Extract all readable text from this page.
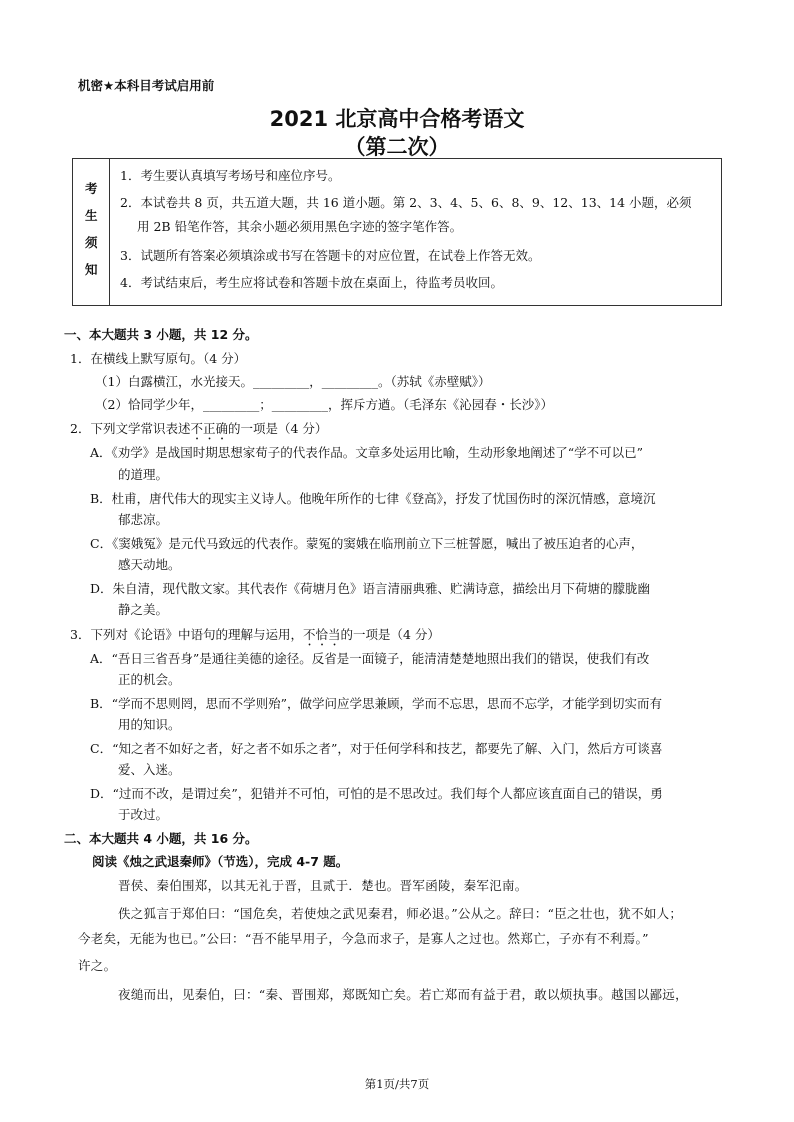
机密★本科目考试启用前
2021 北京高中合格考语文
（第二次）
考
生
须
知
1．考生要认真填写考场号和座位序号。
2．本试卷共 8 页，共五道大题，共 16 道小题。第 2、3、4、5、6、8、9、12、13、14 小题，必须
用 2B 铅笔作答，其余小题必须用黑色字迹的签字笔作答。
3．试题所有答案必须填涂或书写在答题卡的对应位置，在试卷上作答无效。
4．考试结束后，考生应将试卷和答题卡放在桌面上，待监考员收回。
一、本大题共 3 小题，共 12 分。
1．在横线上默写原句。（4 分）
（1）白露横江，水光接天。_________，_________。（苏轼《赤壁赋》）
（2）恰同学少年，_________；_________，挥斥方遒。（毛泽东《沁园春・长沙》）
2．下列文学常识表述不正确的一项是（4 分）
A．《劝学》是战国时期思想家荀子的代表作品。文章多处运用比喻，生动形象地阐述了“学不可以已”
的道理。
B．杜甫，唐代伟大的现实主义诗人。他晚年所作的七律《登高》，抒发了忧国伤时的深沉情感，意境沉
郁悲凉。
C．《窦娥冤》是元代马致远的代表作。蒙冤的窦娥在临刑前立下三桩誓愿，喊出了被压迫者的心声，
感天动地。
D．朱自清，现代散文家。其代表作《荷塘月色》语言清丽典雅、贮满诗意，描绘出月下荷塘的朦胧幽
静之美。
3．下列对《论语》中语句的理解与运用，不恰当的一项是（4 分）
A．“吾日三省吾身”是通往美德的途径。反省是一面镜子，能清清楚楚地照出我们的错误，使我们有改
正的机会。
B．“学而不思则罔，思而不学则殆”，做学问应学思兼顾，学而不忘思，思而不忘学，才能学到切实而有
用的知识。
C．“知之者不如好之者，好之者不如乐之者”，对于任何学科和技艺，都要先了解、入门，然后方可谈喜
爱、入迷。
D．“过而不改，是谓过矣”，犯错并不可怕，可怕的是不思改过。我们每个人都应该直面自己的错误，勇
于改过。
二、本大题共 4 小题，共 16 分。
阅读《烛之武退秦师》（节选），完成 4-7 题。
晋侯、秦伯围郑，以其无礼于晋，且贰于．楚也。晋军函陵，秦军氾南。
佚之狐言于郑伯曰：“国危矣，若使烛之武见秦君，师必退。”公从之。辞曰：“臣之壮也，犹不如人；
今老矣，无能为也已。”公曰：“吾不能早用子，今急而求子，是寡人之过也。然郑亡，子亦有不利焉。”
许之。
夜缒而出，见秦伯，曰：“秦、晋围郑，郑既知亡矣。若亡郑而有益于君，敢以烦执事。越国以鄙远，
第1页/共7页
